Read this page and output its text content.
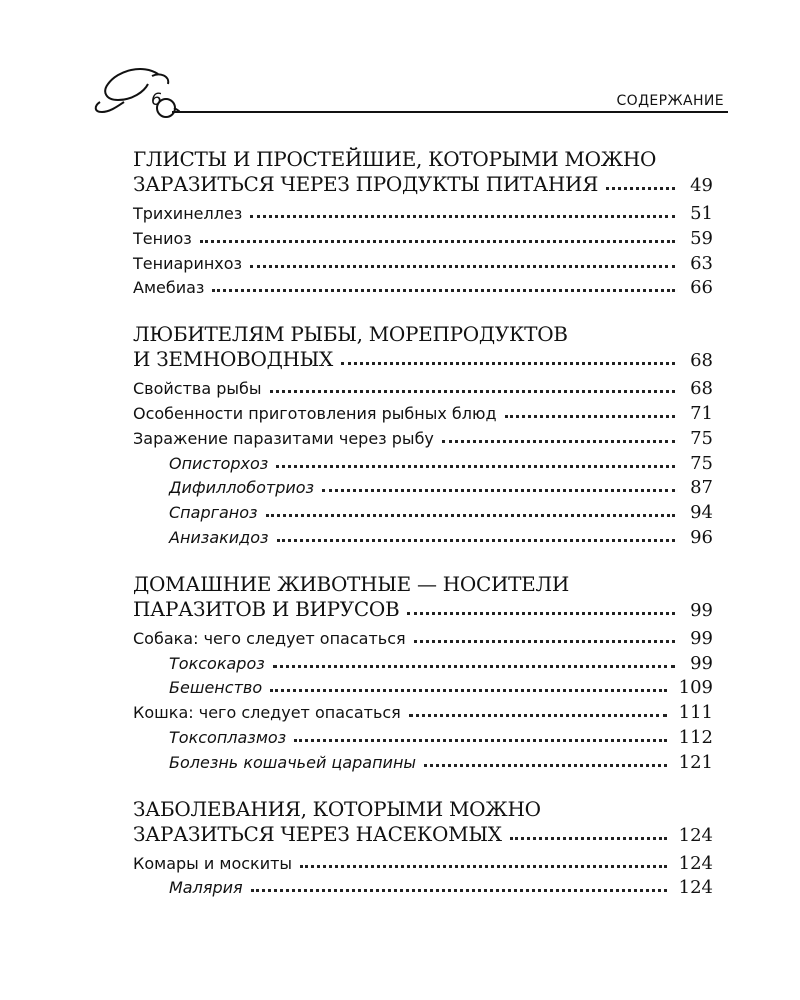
6	СОДЕРЖАНИЕ
ГЛИСТЫ И ПРОСТЕЙШИЕ, КОТОРЫМИ МОЖНО
ЗАРАЗИТЬСЯ ЧЕРЕЗ ПРОДУКТЫ ПИТАНИЯ	49
Трихинеллез	51
Тениоз	59
Тениаринхоз	63
Амебиаз	66
ЛЮБИТЕЛЯМ РЫБЫ, МОРЕПРОДУКТОВ
И ЗЕМНОВОДНЫХ	68
Свойства рыбы	68
Особенности приготовления рыбных блюд	71
Заражение паразитами через рыбу	75
Описторхоз	75
Дифиллоботриоз	87
Спарганоз	94
Анизакидоз	96
ДОМАШНИЕ ЖИВОТНЫЕ — НОСИТЕЛИ
ПАРАЗИТОВ И ВИРУСОВ	99
Собака: чего следует опасаться	99
Токсокароз	99
Бешенство	109
Кошка: чего следует опасаться	111
Токсоплазмоз	112
Болезнь кошачьей царапины	121
ЗАБОЛЕВАНИЯ, КОТОРЫМИ МОЖНО
ЗАРАЗИТЬСЯ ЧЕРЕЗ НАСЕКОМЫХ	124
Комары и москиты	124
Малярия	124
